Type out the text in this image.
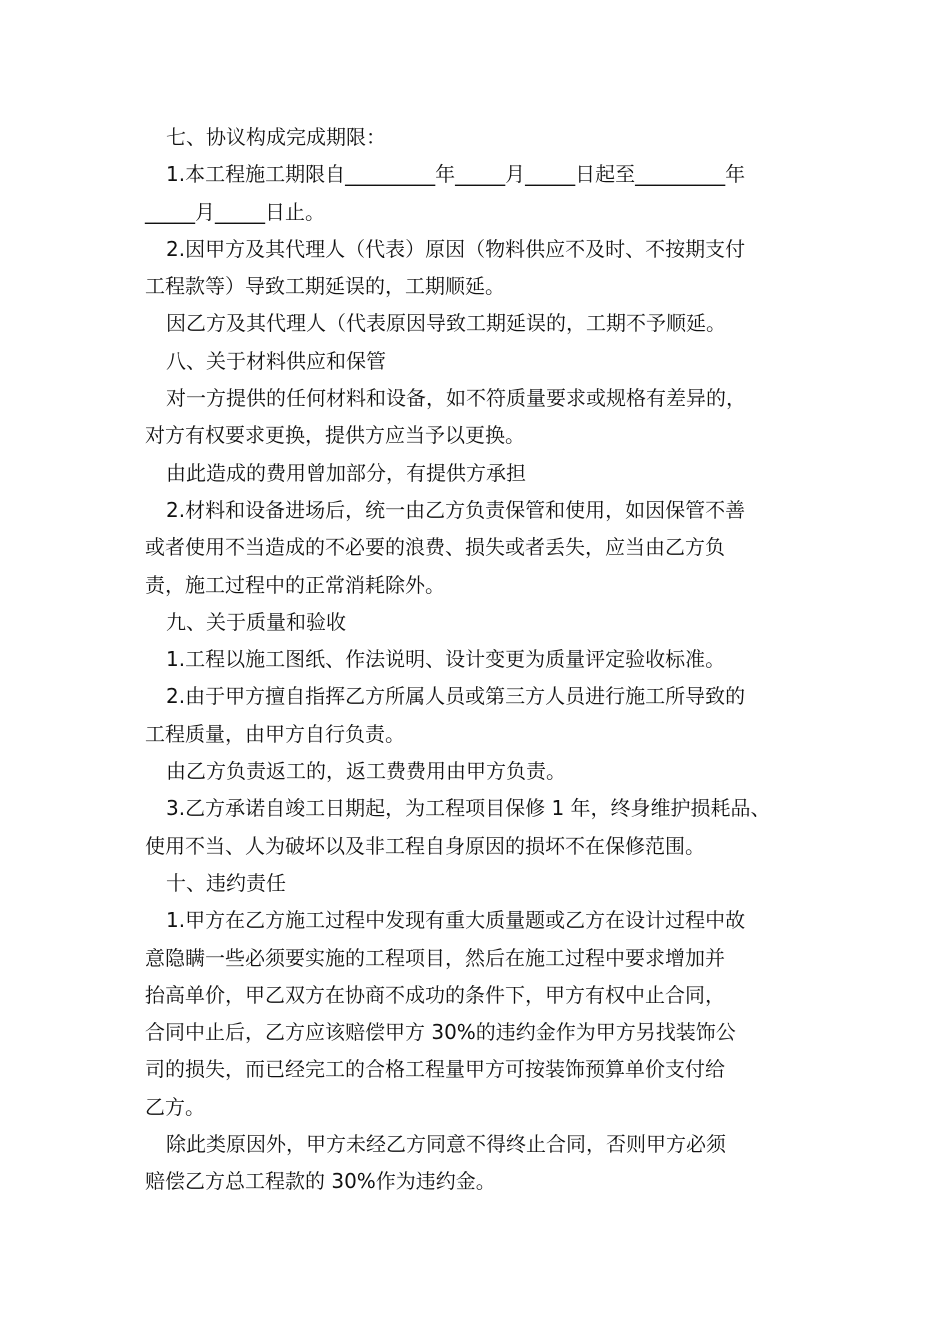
七、协议构成完成期限：
1.本工程施工期限自_________年_____月_____日起至_________年
_____月_____日止。
2.因甲方及其代理人（代表）原因（物料供应不及时、不按期支付
工程款等）导致工期延误的，工期顺延。
因乙方及其代理人（代表原因导致工期延误的，工期不予顺延。
八、关于材料供应和保管
对一方提供的任何材料和设备，如不符质量要求或规格有差异的，
对方有权要求更换，提供方应当予以更换。
由此造成的费用曾加部分，有提供方承担
2.材料和设备进场后，统一由乙方负责保管和使用，如因保管不善
或者使用不当造成的不必要的浪费、损失或者丢失，应当由乙方负
责，施工过程中的正常消耗除外。
九、关于质量和验收
1.工程以施工图纸、作法说明、设计变更为质量评定验收标准。
2.由于甲方擅自指挥乙方所属人员或第三方人员进行施工所导致的
工程质量，由甲方自行负责。
由乙方负责返工的，返工费费用由甲方负责。
3.乙方承诺自竣工日期起，为工程项目保修 1 年，终身维护损耗品、
使用不当、人为破坏以及非工程自身原因的损坏不在保修范围。
十、违约责任
1.甲方在乙方施工过程中发现有重大质量题或乙方在设计过程中故
意隐瞒一些必须要实施的工程项目，然后在施工过程中要求增加并
抬高单价，甲乙双方在协商不成功的条件下，甲方有权中止合同，
合同中止后，乙方应该赔偿甲方 30%的违约金作为甲方另找装饰公
司的损失，而已经完工的合格工程量甲方可按装饰预算单价支付给
乙方。
除此类原因外，甲方未经乙方同意不得终止合同，否则甲方必须
赔偿乙方总工程款的 30%作为违约金。
